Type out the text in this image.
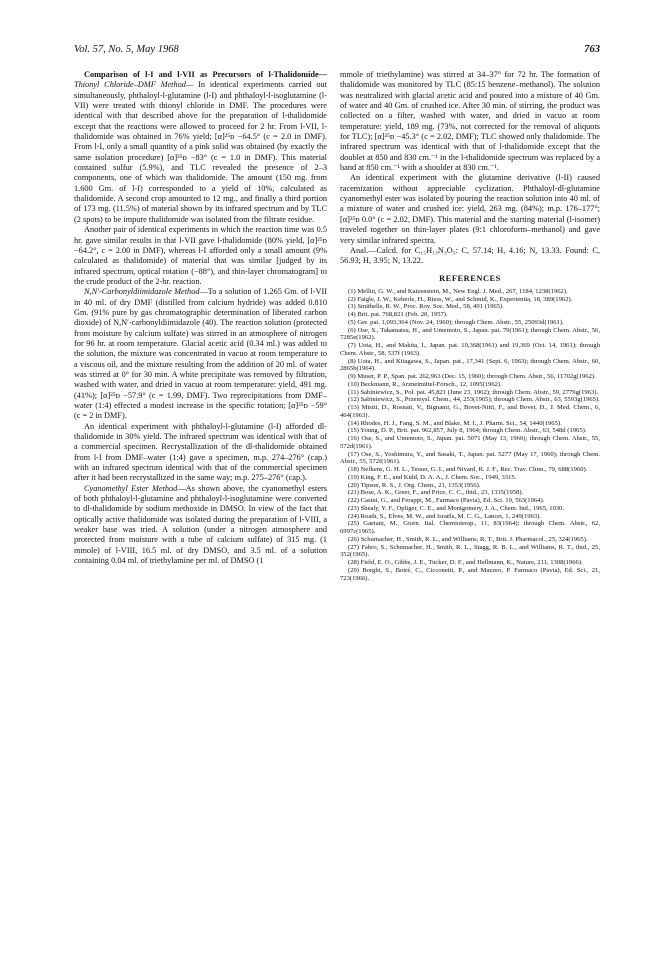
Vol. 57, No. 5, May 1968	763

Comparison of l-I and l-VII as Precursors of l-Thalidomide—Thionyl Chloride–DMF Method— In identical experiments carried out simultaneously, phthaloyl-l-glutamine (l-I) and phthaloyl-l-isoglutamine (l-VII) were treated with thionyl chloride in DMF. The procedures were identical with that described above for the preparation of l-thalidomide except that the reactions were allowed to proceed for 2 hr. From l-VII, l-thalidomide was obtained in 76% yield; [α]²⁵ᴅ −64.5° (c = 2.0 in DMF). From l-I, only a small quantity of a pink solid was obtained (by exactly the same isolation procedure) [α]²⁵ᴅ −83° (c = 1.0 in DMF). This material contained sulfur (5.9%), and TLC revealed the presence of 2–3 components, one of which was thalidomide. The amount (150 mg. from 1.600 Gm. of l-I) corresponded to a yield of 10%, calculated as thalidomide. A second crop amounted to 12 mg., and finally a third portion of 173 mg. (11.5%) of material shown by its infrared spectrum and by TLC (2 spots) to be impure thalidomide was isolated from the filtrate residue.

Another pair of identical experiments in which the reaction time was 0.5 hr. gave similar results in that l-VII gave l-thalidomide (80% yield, [α]²⁵ᴅ −64.2°, c = 2.00 in DMF), whereas l-I afforded only a small amount (9% calculated as thalidomide) of material that was similar [judged by its infrared spectrum, optical rotation (−88°), and thin-layer chromatogram] to the crude product of the 2-hr. reaction.

N,N′-Carbonyldiimidazole Method—To a solution of 1.265 Gm. of l-VII in 40 ml. of dry DMF (distilled from calcium hydride) was added 0.810 Gm. (91% pure by gas chromatographic determination of liberated carbon dioxide) of N,N′-carbonyldiimidazole (40). The reaction solution (protected from moisture by calcium sulfate) was stirred in an atmosphere of nitrogen for 96 hr. at room temperature. Glacial acetic acid (0.34 ml.) was added to the solution, the mixture was concentrated in vacuo at room temperature to a viscous oil, and the mixture resulting from the addition of 20 ml. of water was stirred at 0° for 30 min. A white precipitate was removed by filtration, washed with water, and dried in vacuo at room temperature: yield, 491 mg. (41%); [α]²⁵ᴅ −57.9° (c = 1.99, DMF). Two reprecipitations from DMF–water (1:4) effected a modest increase in the specific rotation; [α]²⁵ᴅ −59° (c = 2 in DMF).

An identical experiment with phthaloyl-l-glutamine (l-I) afforded dl-thalidomide in 30% yield. The infrared spectrum was identical with that of a commercial specimen. Recrystallization of the dl-thalidomide obtained from l-I from DMF–water (1:4) gave a specimen, m.p. 274–276° (cap.) with an infrared spectrum identical with that of the commercial specimen after it had been recrystallized in the same way; m.p. 275–276° (cap.).

Cyanomethyl Ester Method—As shown above, the cyanomethyl esters of both phthaloyl-l-glutamine and phthaloyl-l-isoglutamine were converted to dl-thalidomide by sodium methoxide in DMSO. In view of the fact that optically active thalidomide was isolated during the preparation of l-VIII, a weaker base was tried. A solution (under a nitrogen atmosphere and protected from moisture with a tube of calcium sulfate) of 315 mg. (1 mmole) of l-VIII, 16.5 ml. of dry DMSO, and 3.5 ml. of a solution containing 0.04 ml. of triethylamine per ml. of DMSO (1

mmole of triethylamine) was stirred at 34–37° for 72 hr. The formation of thalidomide was monitored by TLC (85:15 benzene–methanol). The solution was neutralized with glacial acetic acid and poured into a mixture of 40 Gm. of water and 40 Gm. of crushed ice. After 30 min. of stirring, the product was collected on a filter, washed with water, and dried in vacuo at room temperature: yield, 189 mg. (73%, not corrected for the removal of aliquots for TLC); [α]²⁵ᴅ −45.3° (c = 2.02, DMF); TLC showed only thalidomide. The infrared spectrum was identical with that of l-thalidomide except that the doublet at 850 and 830 cm.⁻¹ in the l-thalidomide spectrum was replaced by a band at 850 cm.⁻¹ with a shoulder at 830 cm.⁻¹.

An identical experiment with the glutamine derivative (l-II) caused racemization without appreciable cyclization. Phthaloyl-dl-glutamine cyanomethyl ester was isolated by pouring the reaction solution into 40 ml. of a mixture of water and crushed ice: yield, 263 mg. (84%); m.p. 176–177°; [α]²⁵ᴅ 0.0° (c = 2.02, DMF). This material and the starting material (l-isomer) traveled together on thin-layer plates (9:1 chloroform–methanol) and gave very similar infrared spectra.

Anal.—Calcd. for C₁₅H₁₃N₃O₅: C, 57.14; H, 4.16; N, 13.33. Found: C, 56.93; H, 3.95; N, 13.22.

REFERENCES

(1) Mellin, G. W., and Katzenstein, M., New Engl. J. Med., 267, 1184, 1238(1962).

(2) Faigle, J. W., Keberle, H., Riess, W., and Schmid, K., Experientia, 18, 389(1962).

(3) Smithells, R. W., Proc. Roy. Soc. Med., 58, 491 (1965).

(4) Brit. pat. 768,821 (Feb. 20, 1957).

(5) Ger. pat. 1,093,364 (Nov. 24, 1960); through Chem. Abstr., 55, 25093d(1961).

(6) Ose, S., Takamatsu, H., and Umemoto, S., Japan. pat. 79(1961); through Chem. Abstr., 56, 7285e(1962).

(7) Uota, H., and Makita, I., Japan. pat. 19,368(1961) and 19,369 (Oct. 14, 1961); through Chem. Abstr., 58, 537f (1963).

(8) Uota, H., and Kitagawa, S., Japan. pat., 17,341 (Sept. 6, 1963); through Chem. Abstr., 60, 2865b(1964).

(9) Muset, P. P., Span. pat. 262,963 (Dec. 15, 1960); through Chem. Abstr., 56, 11702g(1962).

(10) Beckmann, R., Arzneimittel-Forsch., 12, 1095(1962).

(11) Sabiniewicz, S., Pol. pat. 45,821 (June 23, 1962); through Chem. Abstr., 59, 2779g(1963).

(12) Sabiniewicz, S., Przemysl. Chem., 44, 253(1965); through Chem. Abstr., 63, 5593g(1965).

(13) Misiti, D., Rosnati, V., Bignami, G., Bovet-Nitti, F., and Bovet, D., J. Med. Chem., 6, 464(1963).

(14) Rhodes, H. J., Fang, S. M., and Blake, M. I., J. Pharm. Sci., 54, 1440(1965).

(15) Young, D. P., Brit. pat. 962,857, July 8, 1964; through Chem. Abstr., 63, 548d (1965).

(16) Ose, S., and Umemoto, S., Japan. pat. 5071 (May 13, 1960); through Chem. Abstr., 55, 572d(1961).

(17) Ose, S., Yoshimura, Y., and Sasaki, T., Japan. pat. 5277 (May 17, 1960); through Chem. Abstr., 55, 572f(1961).

(18) Nefkens, G. H. L., Tesser, G. I., and Nivard, R. J. F., Rec. Trav. Chim., 79, 688(1960).

(19) King, F. E., and Kidd, D. A. A., J. Chem. Soc., 1949, 3315.

(20) Tipson, R. S., J. Org. Chem., 21, 1353(1956).

(21) Bose, A. K., Greer, F., and Price, C. C., ibid., 23, 1335(1958).

(22) Casini, G., and Ferappi, M., Farmaco (Pavia), Ed. Sci. 19, 563(1964).

(23) Shealy, Y. F., Opliger, C. E., and Montgomery, J. A., Chem. Ind., 1965, 1030.

(24) Roath, S., Elves, M. W., and Israëls, M. C. G., Lancet, 1, 249(1963).

(25) Gaetani, M., Giorn. Ital. Chemioterap., 11, 83(1964); through Chem. Abstr., 62, 6997c(1965).

(26) Schumacher, H., Smith, R. L., and Williams, R. T., Brit. J. Pharmacol., 25, 324(1965).

(27) Fabro, S., Schumacher, H., Smith, R. L., Stagg, R. B. L., and Williams, R. T., ibid., 25, 352(1965).

(28) Field, E. O., Gibbs, J. E., Tucker, D. F., and Hellmann, K., Nature, 211, 1308(1966).

(29) Borghi, S., Botré, C., Cicconetti, P., and Mazzeo, P. Farmaco (Pavia), Ed. Sci., 21, 723(1966).
